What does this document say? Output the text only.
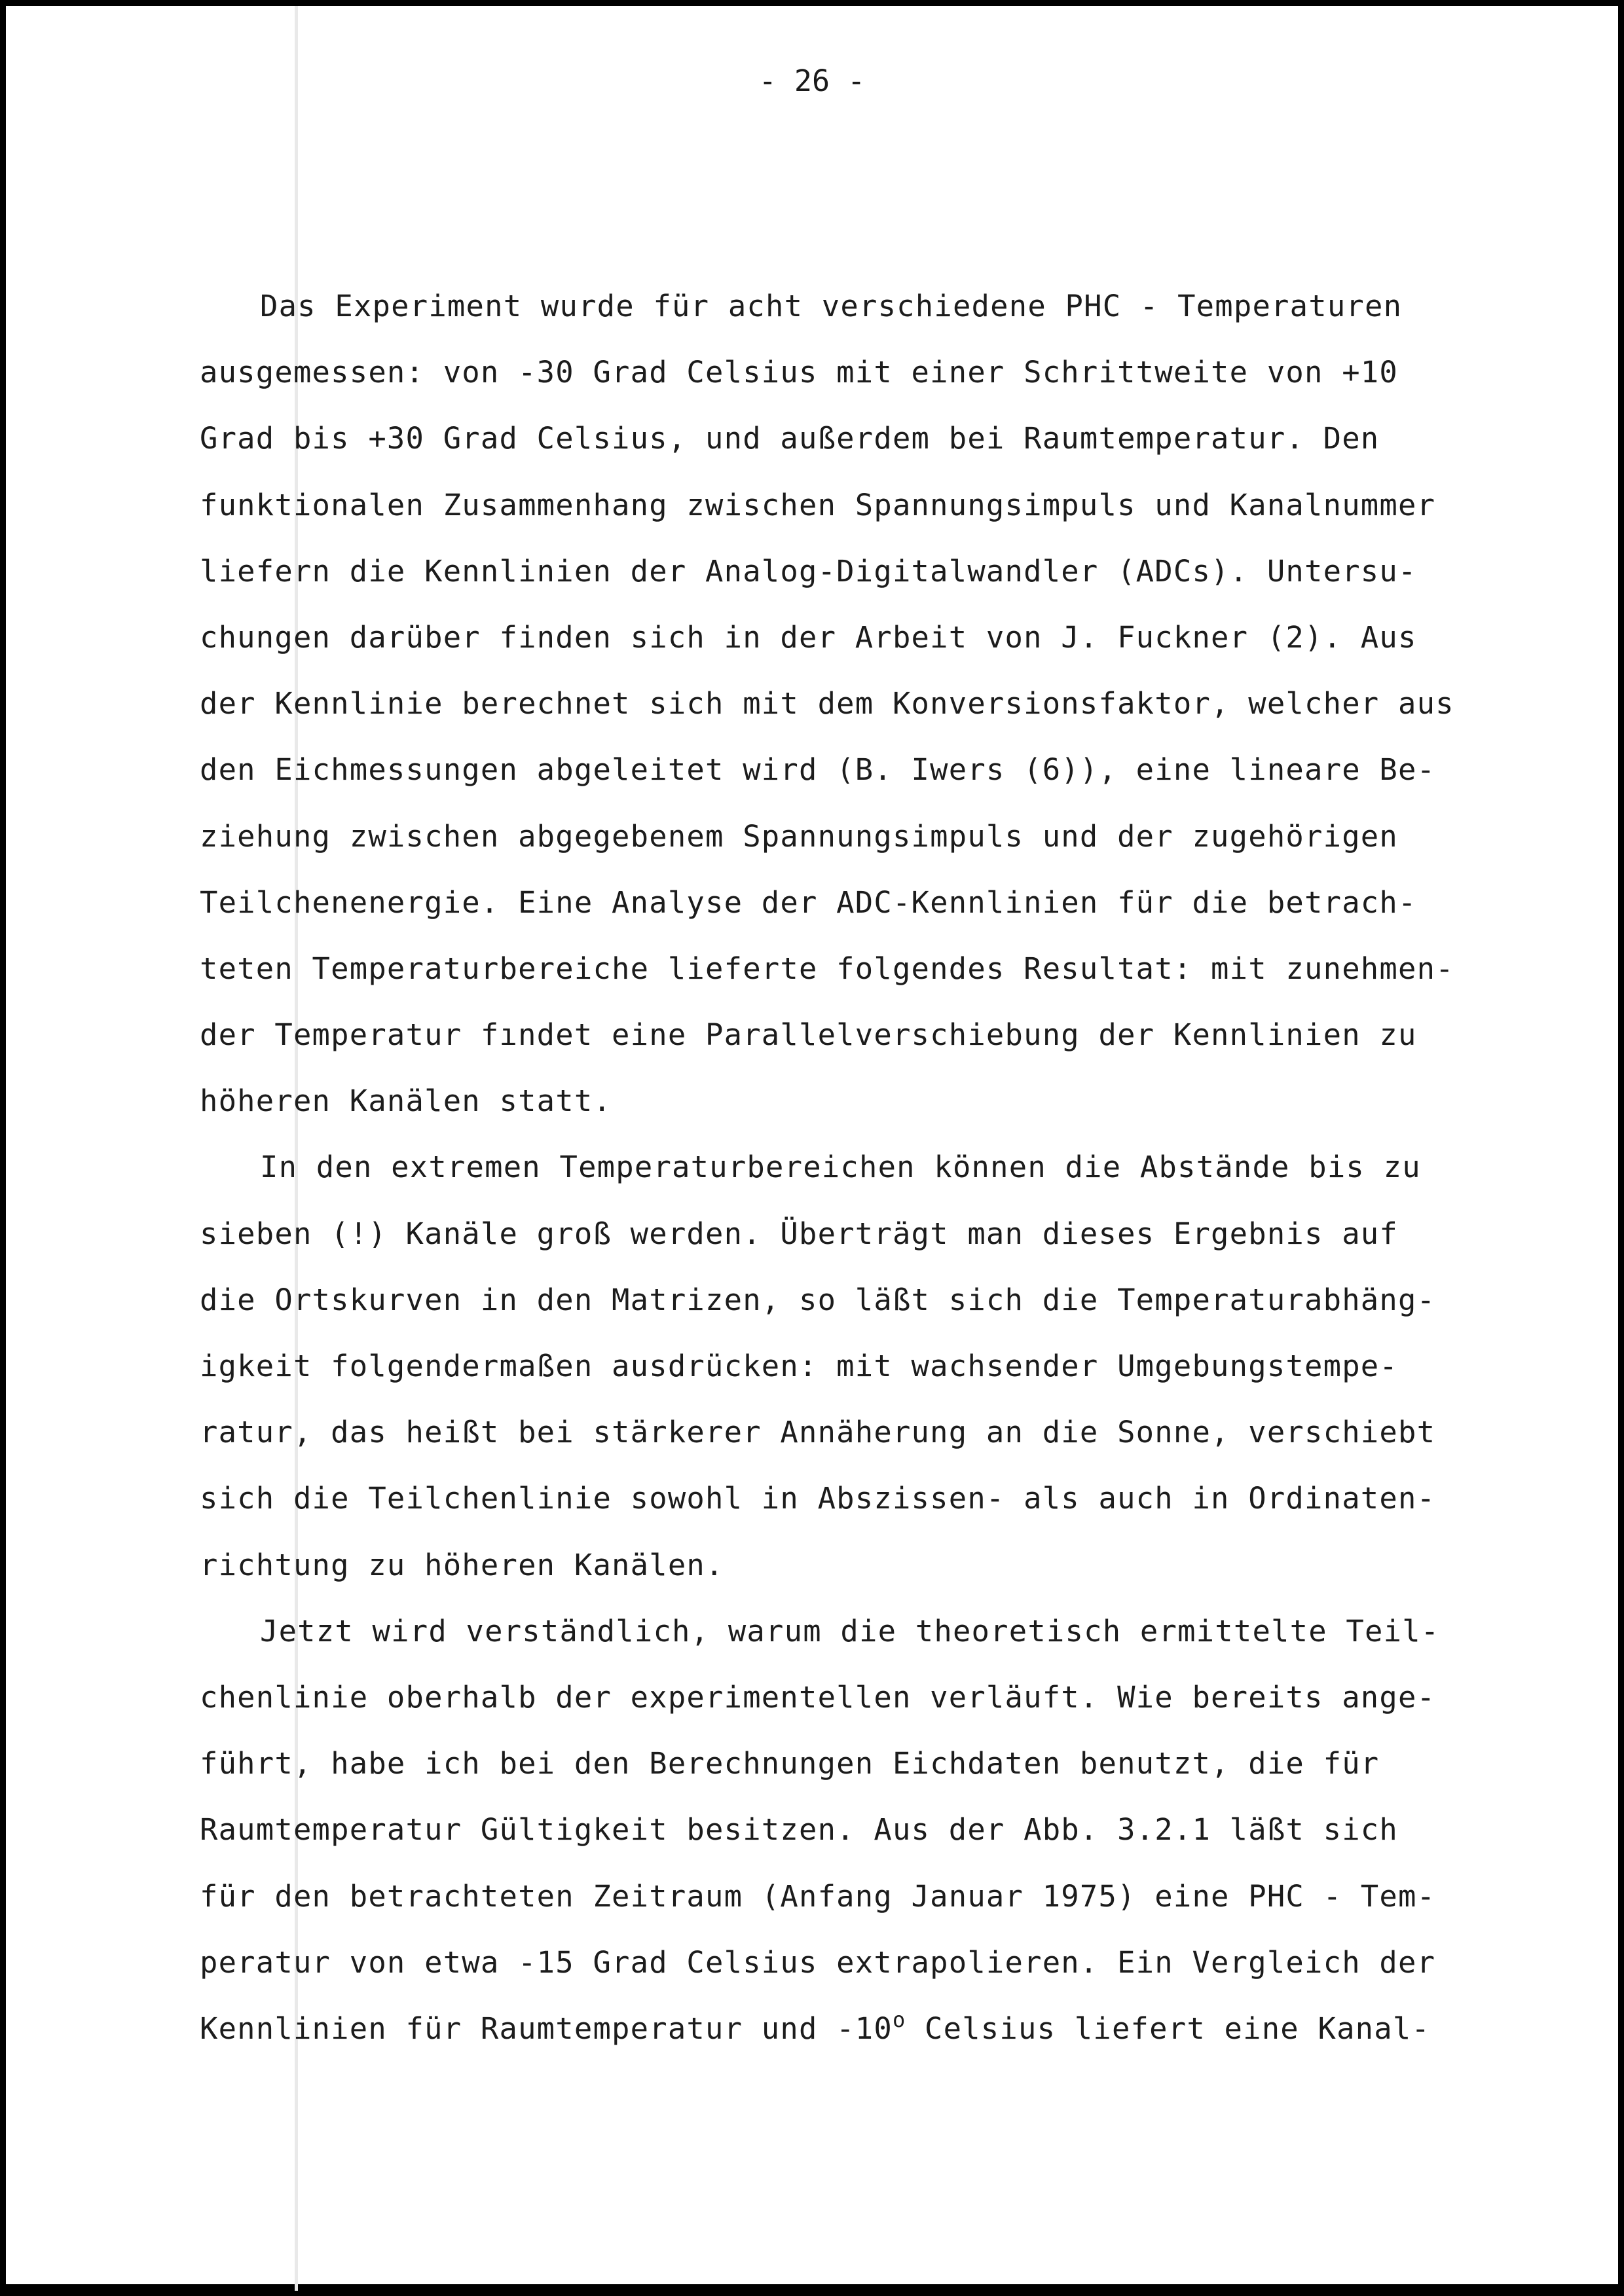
- 26 -
Das Experiment wurde für acht verschiedene PHC - Temperaturen
ausgemessen: von -30 Grad Celsius mit einer Schrittweite von +10
Grad bis +30 Grad Celsius, und außerdem bei Raumtemperatur. Den
funktionalen Zusammenhang zwischen Spannungsimpuls und Kanalnummer
liefern die Kennlinien der Analog-Digitalwandler (ADCs). Untersu-
chungen darüber finden sich in der Arbeit von J. Fuckner (2). Aus
der Kennlinie berechnet sich mit dem Konversionsfaktor, welcher aus
den Eichmessungen abgeleitet wird (B. Iwers (6)), eine lineare Be-
ziehung zwischen abgegebenem Spannungsimpuls und der zugehörigen
Teilchenenergie. Eine Analyse der ADC-Kennlinien für die betrach-
teten Temperaturbereiche lieferte folgendes Resultat: mit zunehmen-
der Temperatur fındet eine Parallelverschiebung der Kennlinien zu
höheren Kanälen statt.
In den extremen Temperaturbereichen können die Abstände bis zu
sieben (!) Kanäle groß werden. Überträgt man dieses Ergebnis auf
die Ortskurven in den Matrizen, so läßt sich die Temperaturabhäng-
igkeit folgendermaßen ausdrücken: mit wachsender Umgebungstempe-
ratur, das heißt bei stärkerer Annäherung an die Sonne, verschiebt
sich die Teilchenlinie sowohl in Abszissen- als auch in Ordinaten-
richtung zu höheren Kanälen.
Jetzt wird verständlich, warum die theoretisch ermittelte Teil-
chenlinie oberhalb der experimentellen verläuft. Wie bereits ange-
führt, habe ich bei den Berechnungen Eichdaten benutzt, die für
Raumtemperatur Gültigkeit besitzen. Aus der Abb. 3.2.1 läßt sich
für den betrachteten Zeitraum (Anfang Januar 1975) eine PHC - Tem-
peratur von etwa -15 Grad Celsius extrapolieren. Ein Vergleich der
Kennlinien für Raumtemperatur und -10$^o$ Celsius liefert eine Kanal-
